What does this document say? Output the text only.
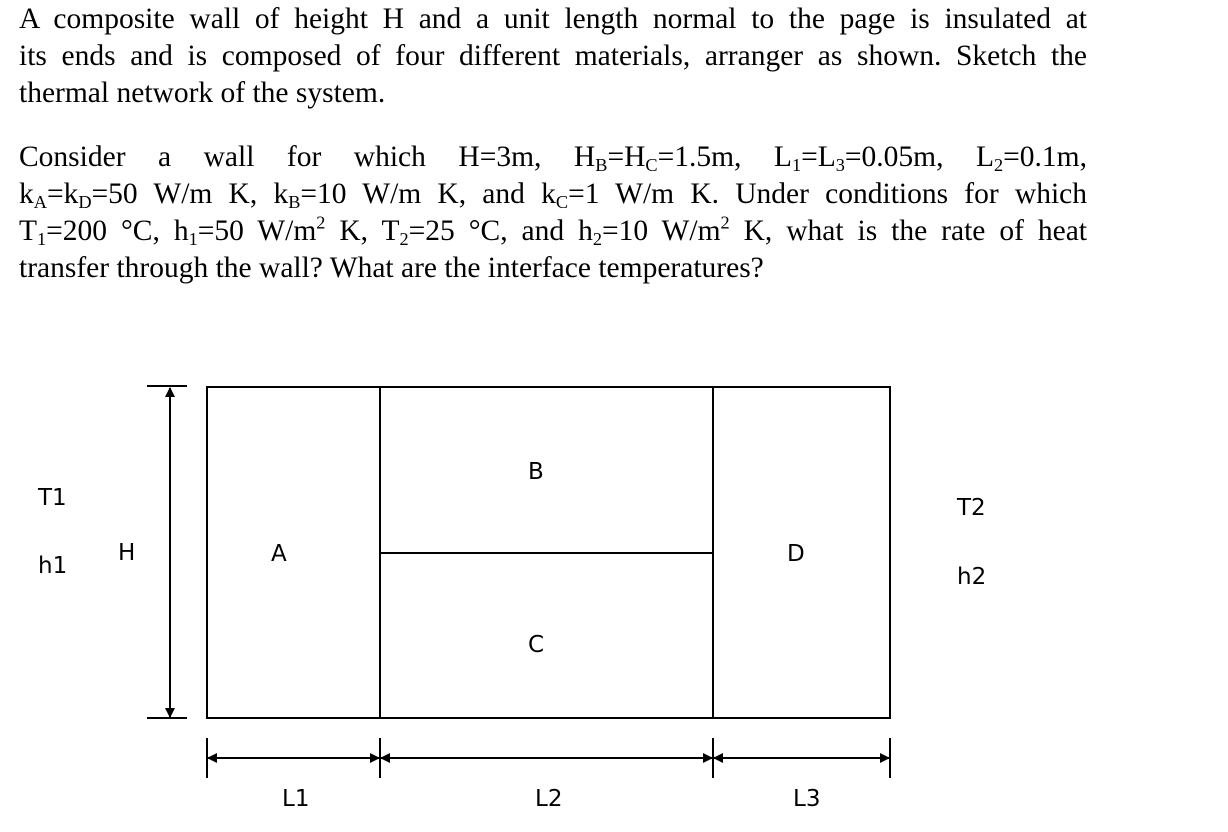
A composite wall of height H and a unit length normal to the page is insulated at
its ends and is composed of four different materials, arranger as shown. Sketch the
thermal network of the system.
Consider a wall for which H=3m, $H_B=H_C=1.5m$, $L_1=L_3=0.05m$, $L_2=0.1m$,
$k_A=k_D=50$ W/m K, $k_B=10$ W/m K, and $k_C=1$ W/m K. Under conditions for which
$T_1=200$ °C, $h_1=50$ $W/m^2$ K, $T_2=25$ °C, and $h_2=10$ $W/m^2$ K, what is the rate of heat
transfer through the wall? What are the interface temperatures?
T1
h1 H	A
B
C
D
T2
h2
L1	L2	L3
